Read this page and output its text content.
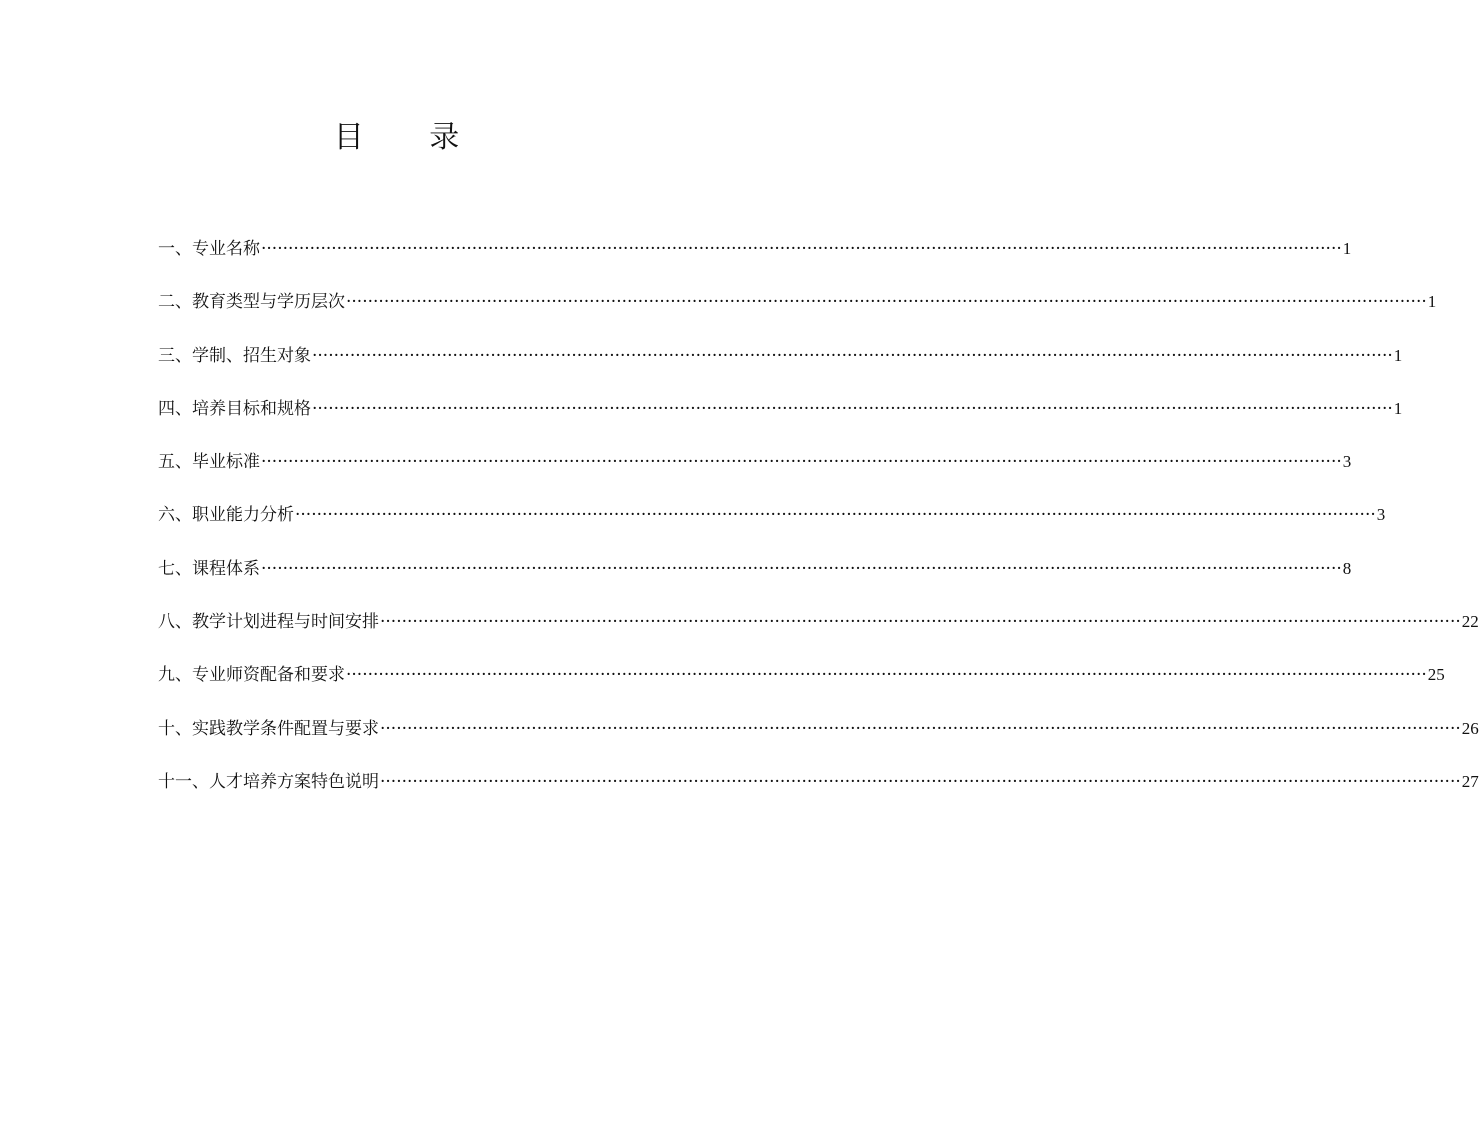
目 录
一、专业名称 ········································································································································································································ 1
二、教育类型与学历层次 ········································································································································································································ 1
三、学制、招生对象 ········································································································································································································ 1
四、培养目标和规格 ········································································································································································································ 1
五、毕业标准 ········································································································································································································ 3
六、职业能力分析 ········································································································································································································ 3
七、课程体系 ········································································································································································································ 8
八、教学计划进程与时间安排 ········································································································································································································ 22
九、专业师资配备和要求 ········································································································································································································ 25
十、实践教学条件配置与要求 ········································································································································································································ 26
十一、人才培养方案特色说明 ········································································································································································································ 27
